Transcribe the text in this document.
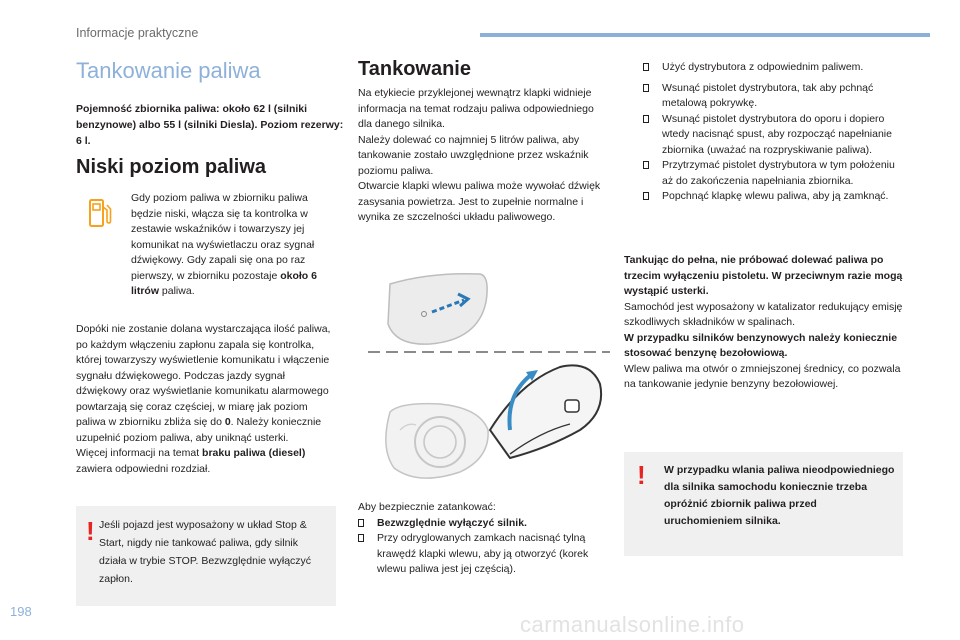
Informacje praktyczne
Tankowanie paliwa
Pojemność zbiornika paliwa: około 62 l (silniki benzynowe) albo 55 l (silniki Diesla). Poziom rezerwy: 6 l.
Niski poziom paliwa
Gdy poziom paliwa w zbiorniku paliwa będzie niski, włącza się ta kontrolka w zestawie wskaźników i towarzyszy jej komunikat na wyświetlaczu oraz sygnał dźwiękowy. Gdy zapali się ona po raz pierwszy, w zbiorniku pozostaje około 6 litrów paliwa.
Dopóki nie zostanie dolana wystarczająca ilość paliwa, po każdym włączeniu zapłonu zapala się kontrolka, której towarzyszy wyświetlenie komunikatu i włączenie sygnału dźwiękowego. Podczas jazdy sygnał dźwiękowy oraz wyświetlanie komunikatu alarmowego powtarzają się coraz częściej, w miarę jak poziom paliwa w zbiorniku zbliża się do 0. Należy koniecznie uzupełnić poziom paliwa, aby uniknąć usterki.
Więcej informacji na temat braku paliwa (diesel) zawiera odpowiedni rozdział.
! Jeśli pojazd jest wyposażony w układ Stop & Start, nigdy nie tankować paliwa, gdy silnik działa w trybie STOP. Bezwzględnie wyłączyć zapłon.
Tankowanie
Na etykiecie przyklejonej wewnątrz klapki widnieje informacja na temat rodzaju paliwa odpowiedniego dla danego silnika.
Należy dolewać co najmniej 5 litrów paliwa, aby tankowanie zostało uwzględnione przez wskaźnik poziomu paliwa.
Otwarcie klapki wlewu paliwa może wywołać dźwięk zasysania powietrza. Jest to zupełnie normalne i wynika ze szczelności układu paliwowego.
Aby bezpiecznie zatankować:
Bezwzględnie wyłączyć silnik.
Przy odryglowanych zamkach nacisnąć tylną krawędź klapki wlewu, aby ją otworzyć (korek wlewu paliwa jest jej częścią).
Użyć dystrybutora z odpowiednim paliwem.
Wsunąć pistolet dystrybutora, tak aby pchnąć metalową pokrywkę.
Wsunąć pistolet dystrybutora do oporu i dopiero wtedy nacisnąć spust, aby rozpocząć napełnianie zbiornika (uważać na rozpryskiwanie paliwa).
Przytrzymać pistolet dystrybutora w tym położeniu aż do zakończenia napełniania zbiornika.
Popchnąć klapkę wlewu paliwa, aby ją zamknąć.
Tankując do pełna, nie próbować dolewać paliwa po trzecim wyłączeniu pistoletu. W przeciwnym razie mogą wystąpić usterki.
Samochód jest wyposażony w katalizator redukujący emisję szkodliwych składników w spalinach.
W przypadku silników benzynowych należy koniecznie stosować benzynę bezołowiową.
Wlew paliwa ma otwór o zmniejszonej średnicy, co pozwala na tankowanie jedynie benzyny bezołowiowej.
! W przypadku wlania paliwa nieodpowiedniego dla silnika samochodu koniecznie trzeba opróżnić zbiornik paliwa przed uruchomieniem silnika.
198
carmanualsonline.info
